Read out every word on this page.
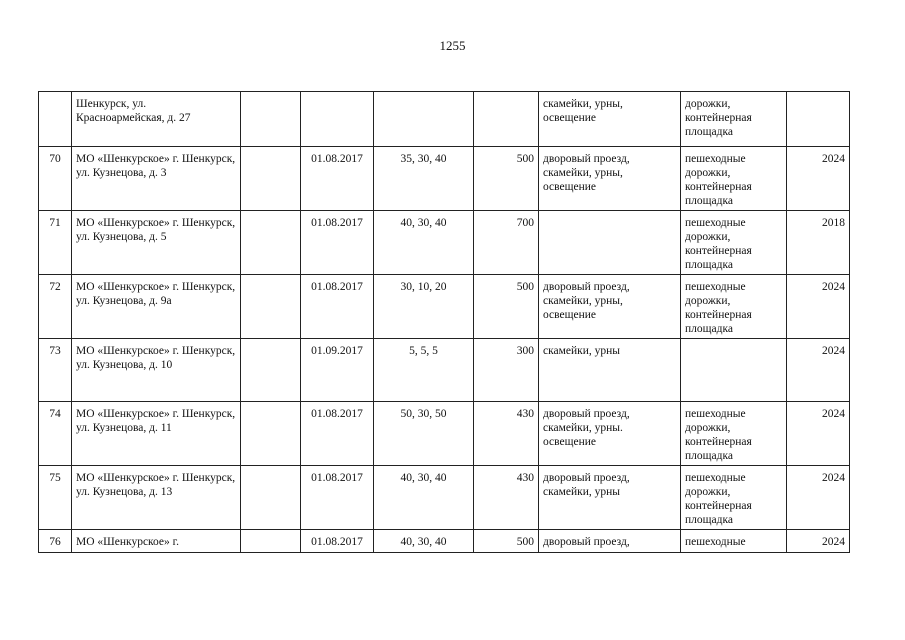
1255
	Шенкурск, ул. Красноармейская, д. 27					скамейки, урны, освещение	дорожки, контейнерная площадка	
70	МО «Шенкурское» г. Шенкурск, ул. Кузнецова, д. 3		01.08.2017	35, 30, 40	500	дворовый проезд, скамейки, урны, освещение	пешеходные дорожки, контейнерная площадка	2024
71	МО «Шенкурское» г. Шенкурск, ул. Кузнецова, д. 5		01.08.2017	40, 30, 40	700		пешеходные дорожки, контейнерная площадка	2018
72	МО «Шенкурское» г. Шенкурск, ул. Кузнецова, д. 9а		01.08.2017	30, 10, 20	500	дворовый проезд, скамейки, урны, освещение	пешеходные дорожки, контейнерная площадка	2024
73	МО «Шенкурское» г. Шенкурск, ул. Кузнецова, д. 10		01.09.2017	5, 5, 5	300	скамейки, урны		2024
74	МО «Шенкурское» г. Шенкурск, ул. Кузнецова, д. 11		01.08.2017	50, 30, 50	430	дворовый проезд, скамейки, урны. освещение	пешеходные дорожки, контейнерная площадка	2024
75	МО «Шенкурское» г. Шенкурск, ул. Кузнецова, д. 13		01.08.2017	40, 30, 40	430	дворовый проезд, скамейки, урны	пешеходные дорожки, контейнерная площадка	2024
76	МО «Шенкурское» г.		01.08.2017	40, 30, 40	500	дворовый проезд,	пешеходные	2024
